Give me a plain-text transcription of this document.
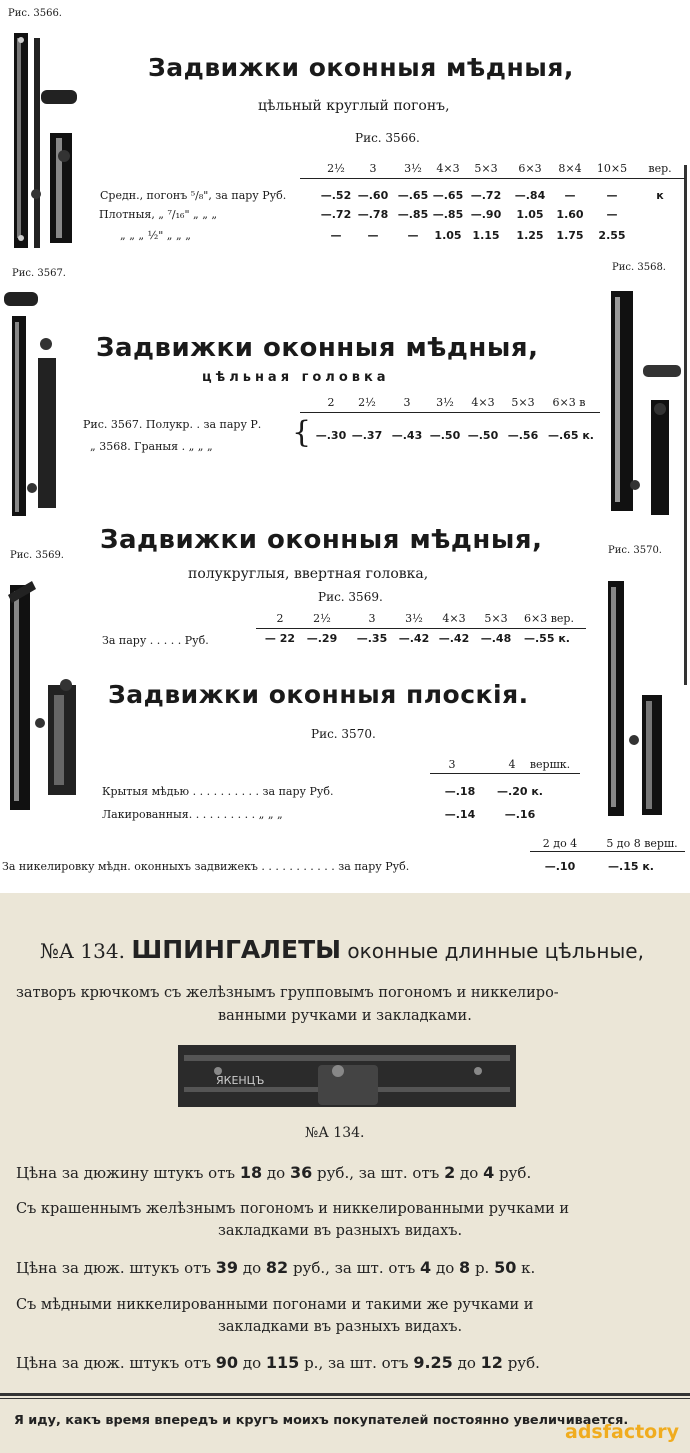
Рис. 3566.
Рис. 3567.
Рис. 3568.
Рис. 3569.	Рис. 3570.
Задвижки оконныя мѣдныя,
цѣльный круглый погонъ,
Рис. 3566.
2½	3	3½	4×3	5×3	6×3	8×4	10×5	вер.
Средн., погонъ ⁵/₈", за пару Руб.	—.52 —.60 —.65 —.65 —.72	—.84	—	—	к
Плотныя, „ ⁷/₁₆" „ „ „	—.72 —.78 —.85 —.85 —.90	1.05	1.60	—
„ „ „ ½" „ „ „	—	—	—	1.05 1.15	1.25	1.75	2.55
Задвижки оконныя мѣдныя,
цѣльная головка
Рис. 3567. Полукр. . за пару Р.
„ 3568. Граныя . „ „ „	{
2	2½	3	3½	4×3	5×3	6×3 в
—.30 —.37 —.43 —.50 —.50 —.56 —.65 к.
Задвижки оконныя мѣдныя,
полукруглыя, ввертная головка,
Рис. 3569.
За пару . . . . . Руб.
2	2½	3	3½	4×3	5×3	6×3 вер.
— 22	—.29	—.35	—.42 —.42	—.48	—.55 к.
Задвижки оконныя плоскія.
Рис. 3570.
3	4	вершк.
Крытыя мѣдью . . . . . . . . . . за пару Руб.	—.18	—.20 к.
Лакированныя. . . . . . . . . . „ „ „	—.14	—.16
За никелировку мѣдн. оконныхъ задвижекъ . . . . . . . . . . . за пару Руб.
2 до 4	5 до 8 верш.
—.10	—.15 к.
№А 134. ШПИНГАЛЕТЫ оконные длинные цѣльные,
затворъ крючкомъ съ желѣзнымъ групповымъ погономъ и никкелиро-
ванными ручками и закладками.
ЯКЕНЦЪ
№А 134.
Цѣна за дюжину штукъ отъ 18 до 36 руб., за шт. отъ 2 до 4 руб.
Съ крашеннымъ желѣзнымъ погономъ и никкелированными ручками и
закладками въ разныхъ видахъ.
Цѣна за дюж. штукъ отъ 39 до 82 руб., за шт. отъ 4 до 8 р. 50 к.
Съ мѣдными никкелированными погонами и такими же ручками и
закладками въ разныхъ видахъ.
Цѣна за дюж. штукъ отъ 90 до 115 р., за шт. отъ 9.25 до 12 руб.
Я иду, какъ время впередъ и кругъ моихъ покупателей постоянно увеличивается.
adsfactory
